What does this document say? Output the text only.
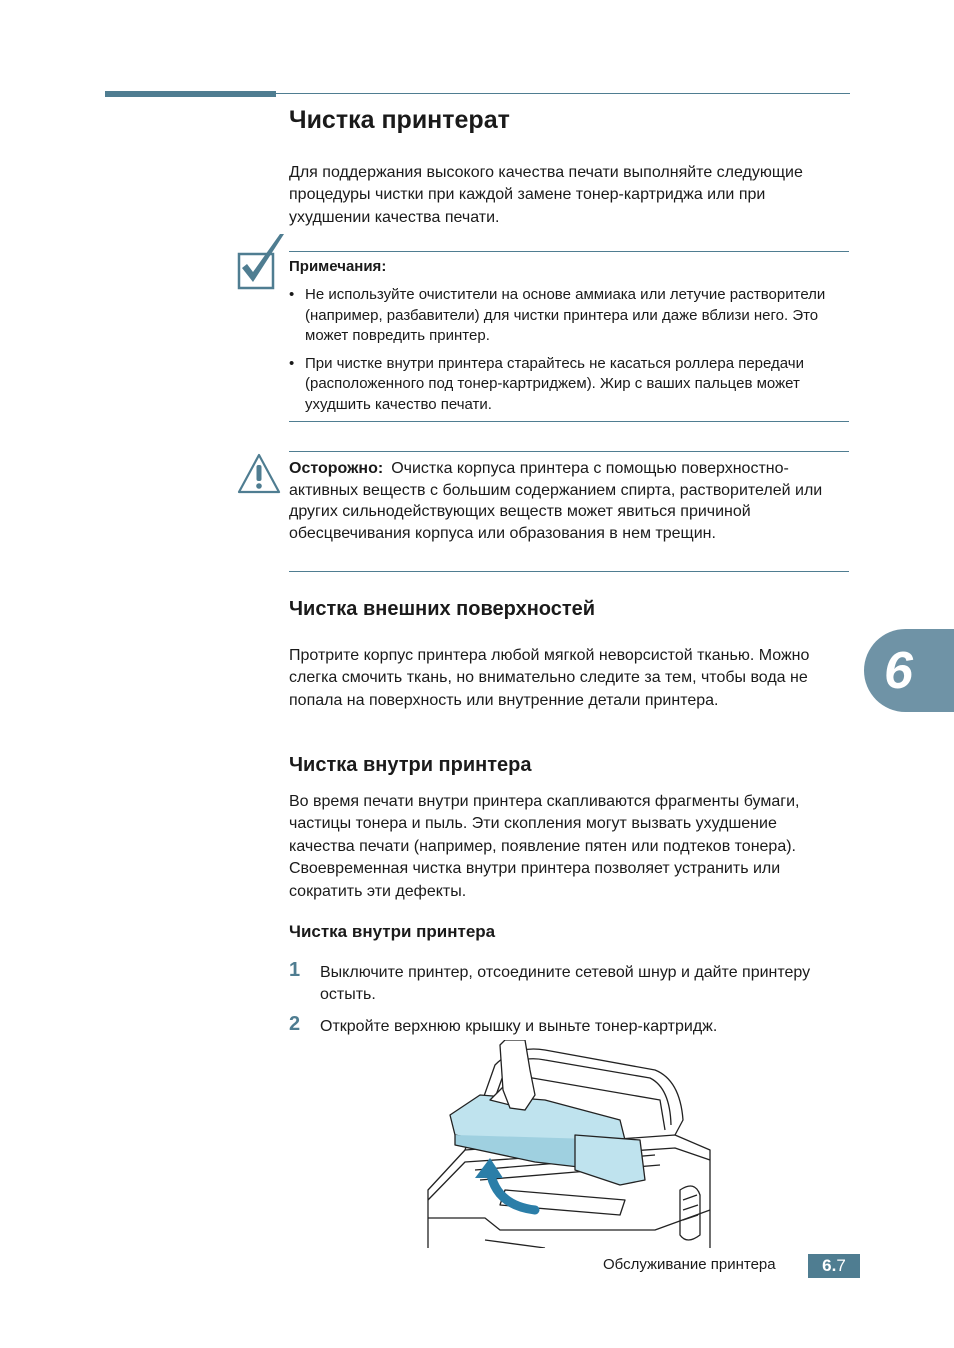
Чистка принтерат

Для поддержания высокого качества печати выполняйте следующие процедуры чистки при каждой замене тонер-картриджа или при ухудшении качества печати.

Примечания:
• Не используйте очистители на основе аммиака или летучие растворители (например, разбавители) для чистки принтера или даже вблизи него. Это может повредить принтер.
• При чистке внутри принтера старайтесь не касаться роллера передачи (расположенного под тонер-картриджем). Жир с ваших пальцев может ухудшить качество печати.

Осторожно: Очистка корпуса принтера с помощью поверхностно-активных веществ с большим содержанием спирта, растворителей или других сильнодействующих веществ может явиться причиной обесцвечивания корпуса или образования в нем трещин.

Чистка внешних поверхностей

Протрите корпус принтера любой мягкой неворсистой тканью. Можно слегка смочить ткань, но внимательно следите за тем, чтобы вода не попала на поверхность или внутренние детали принтера.

Чистка внутри принтера

Во время печати внутри принтера скапливаются фрагменты бумаги, частицы тонера и пыль. Эти скопления могут вызвать ухудшение качества печати (например, появление пятен или подтеков тонера). Своевременная чистка внутри принтера позволяет устранить или сократить эти дефекты.

Чистка внутри принтера
1 Выключите принтер, отсоедините сетевой шнур и дайте принтеру остыть.
2 Откройте верхнюю крышку и выньте тонер-картридж.
6
Обслуживание принтера	6.7
